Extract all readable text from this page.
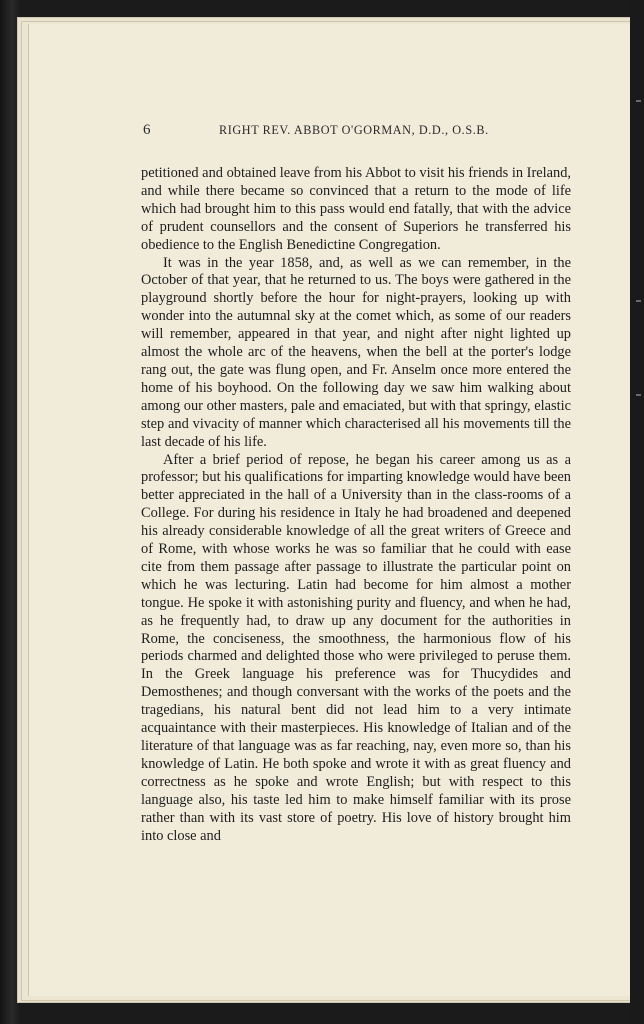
6	RIGHT REV. ABBOT O'GORMAN, D.D., O.S.B.

petitioned and obtained leave from his Abbot to visit his friends in Ireland, and while there became so convinced that a return to the mode of life which had brought him to this pass would end fatally, that with the advice of prudent counsellors and the consent of Superiors he transferred his obedience to the English Benedictine Congregation.

It was in the year 1858, and, as well as we can remember, in the October of that year, that he returned to us. The boys were gathered in the playground shortly before the hour for night-prayers, looking up with wonder into the autumnal sky at the comet which, as some of our readers will remember, appeared in that year, and night after night lighted up almost the whole arc of the heavens, when the bell at the porter's lodge rang out, the gate was flung open, and Fr. Anselm once more entered the home of his boyhood. On the following day we saw him walking about among our other masters, pale and emaciated, but with that springy, elastic step and vivacity of manner which characterised all his movements till the last decade of his life.

After a brief period of repose, he began his career among us as a professor; but his qualifications for imparting knowledge would have been better appreciated in the hall of a University than in the class-rooms of a College. For during his residence in Italy he had broadened and deepened his already considerable knowledge of all the great writers of Greece and of Rome, with whose works he was so familiar that he could with ease cite from them passage after passage to illustrate the particular point on which he was lecturing. Latin had become for him almost a mother tongue. He spoke it with astonishing purity and fluency, and when he had, as he frequently had, to draw up any document for the authorities in Rome, the conciseness, the smoothness, the harmonious flow of his periods charmed and delighted those who were privileged to peruse them. In the Greek language his preference was for Thucydides and Demosthenes; and though conversant with the works of the poets and the tragedians, his natural bent did not lead him to a very intimate acquaintance with their masterpieces. His knowledge of Italian and of the literature of that language was as far reaching, nay, even more so, than his knowledge of Latin. He both spoke and wrote it with as great fluency and correctness as he spoke and wrote English; but with respect to this language also, his taste led him to make himself familiar with its prose rather than with its vast store of poetry. His love of history brought him into close and
